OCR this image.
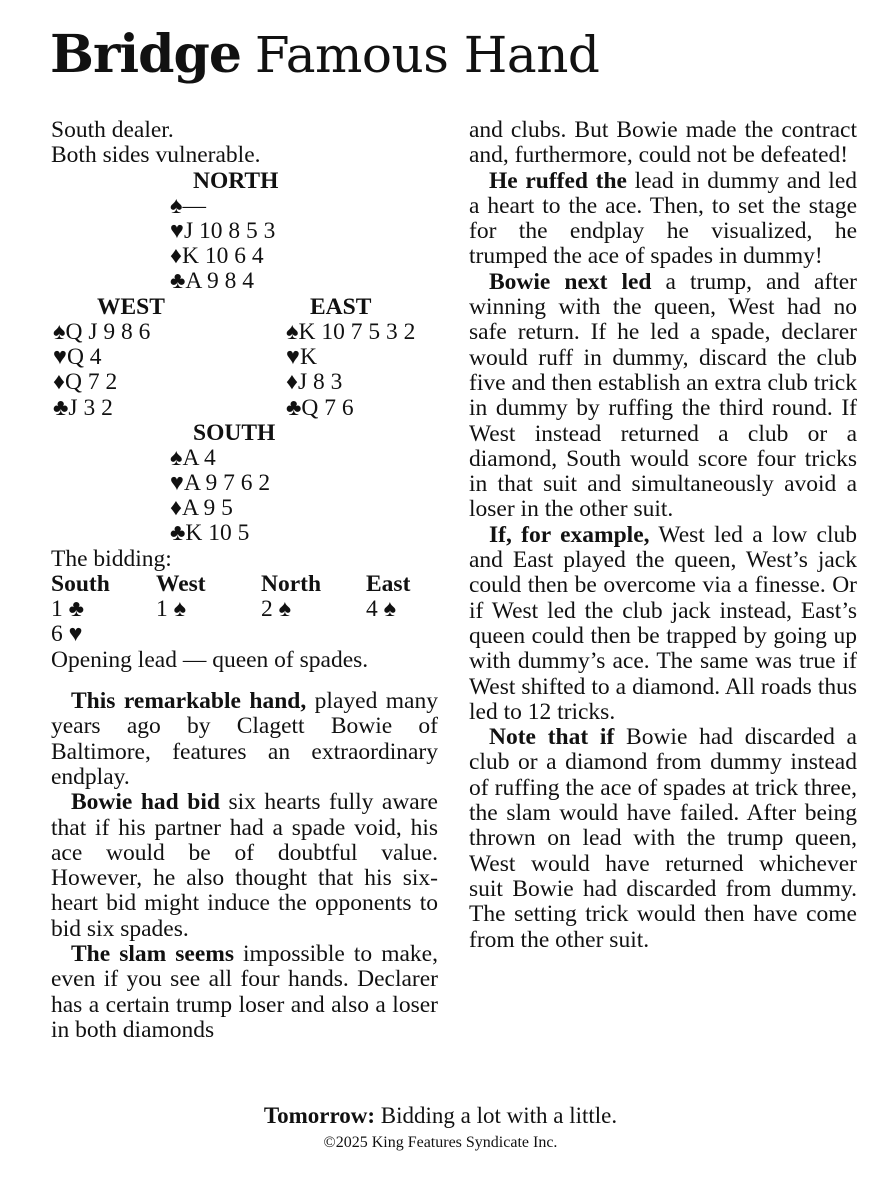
Bridge Famous Hand
South dealer.
Both sides vulnerable.
NORTH
♠—
♥J 10 8 5 3
♦K 10 6 4
♣A 9 8 4
WEST
♠Q J 9 8 6
♥Q 4
♦Q 7 2
♣J 3 2
EAST
♠K 10 7 5 3 2
♥K
♦J 8 3
♣Q 7 6
SOUTH
♠A 4
♥A 9 7 6 2
♦A 9 5
♣K 10 5
The bidding:
South	West	North	East
1 ♣	1 ♠	2 ♠	4 ♠
6 ♥
Opening lead — queen of spades.

This remarkable hand, played many years ago by Clagett Bowie of Baltimore, features an extraordinary endplay.

Bowie had bid six hearts fully aware that if his partner had a spade void, his ace would be of doubtful value. However, he also thought that his six-heart bid might induce the opponents to bid six spades.

The slam seems impossible to make, even if you see all four hands. Declarer has a certain trump loser and also a loser in both diamonds

and clubs. But Bowie made the contract and, furthermore, could not be defeated!

He ruffed the lead in dummy and led a heart to the ace. Then, to set the stage for the endplay he visualized, he trumped the ace of spades in dummy!

Bowie next led a trump, and after winning with the queen, West had no safe return. If he led a spade, declarer would ruff in dummy, discard the club five and then establish an extra club trick in dummy by ruffing the third round. If West instead returned a club or a diamond, South would score four tricks in that suit and simultaneously avoid a loser in the other suit.

If, for example, West led a low club and East played the queen, West’s jack could then be overcome via a finesse. Or if West led the club jack instead, East’s queen could then be trapped by going up with dummy’s ace. The same was true if West shifted to a diamond. All roads thus led to 12 tricks.

Note that if Bowie had discarded a club or a diamond from dummy instead of ruffing the ace of spades at trick three, the slam would have failed. After being thrown on lead with the trump queen, West would have returned whichever suit Bowie had discarded from dummy. The setting trick would then have come from the other suit.

Tomorrow: Bidding a lot with a little.
©2025 King Features Syndicate Inc.
